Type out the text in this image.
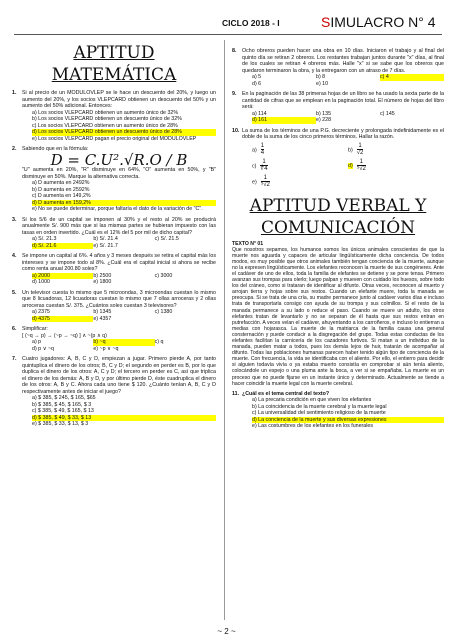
CICLO 2018 - I	SIMULACRO N° 4
APTITUD MATEMÁTICA
1.	Si al precio de un MODULOVLEP se le hace un descuento del 20%, y luego un aumento del 20%, y los socios VLEPCARD obtienen un descuento del 50% y un aumento del 50% adicional. Entonces:
a) Los socios VLEPCARD obtienen un aumento único de 32%
b) Los socios VLEPCARD obtienen un descuento único de 32%
c) Los socios VLEPCARD obtienen un aumento único de 28%
d) Los socios VLEPCARD obtienen un descuento único de 28%
e) Los socios VLEPCARD pagan el precio original del MODULOVLEP
2.	Sabiendo que en la fórmula:
D = C.U².√R.O / B
"U" aumenta en 20%, "R" disminuye en 64%, "O" aumenta en 50%, y "B" disminuye en 50%. Marque la alternativa correcta.
a) D aumenta en 2492%
b) D aumenta en 2592%
c) D aumenta en 149,2%
d) D aumenta en 159,2%
e) No se puede determinar, porque faltaría el dato de la variación de "C".
3.	Si los 5/6 de un capital se imponen al 30% y el resto al 20% se producirá anualmente S/. 900 más que si las mismas partes se hubieran impuesto con las tasas en orden invertido. ¿Cuál es el 12% del 5 por mil de dicho capital?
a) S/. 21.3	b) S/. 21.4	c) S/. 21.5
d) S/. 21.6	e) S/. 21.7
4.	Se impone un capital al 6%. 4 años y 3 meses después se retira el capital más los intereses y se impone todo al 8%. ¿Cuál era el capital inicial si ahora se recibe como renta anual 200.80 soles?
a) 2000	b) 2500	c) 3000
d) 1000	e) 1800
5.	Un televisor cuesta lo mismo que 5 microondas, 3 microondas cuestan lo mismo que 8 licuadoras, 12 licuadoras cuestan lo mismo que 7 ollas arroceras y 2 ollas arroceras cuestan S/. 375. ¿Cuántos soles cuestan 3 televisores?
a) 2375	b) 1345	c) 1380
d) 4375	e) 4357
6.	Simplificar:
[ (~q → p) → (~p → ~q) ] ∧ ~(p ∧ q)
a) p	b) ~q	c) q
d) p ∨ ~q	e) ~p ∨ ~q
7.	Cuatro jugadores: A, B, C y D, empiezan a jugar. Primero pierde A, por tanto quintuplica el dinero de los otros; B, C y D; el segundo en perder es B, por lo que duplica el dinero de los otros: A, C y D; el tercero en perder es C, así que triplica el dinero de los demás: A, B y D, y por último pierde D, éste cuadruplica el dinero de los otros: A, B y C. Ahora cada uno tiene $ 120. ¿Cuánto tenían A, B, C y D respectivamente antes de iniciar el juego?
a) $ 385, $ 245, $ 165, $65
b) $ 385, $ 45, $ 165, $ 3
c) $ 385, $ 49, $ 165, $ 13
d) $ 385, $ 49, $ 33, $ 13
e) $ 385, $ 33, $ 13, $ 3
8.	Ocho obreros pueden hacer una obra en 10 días. Iniciaron el trabajo y al final del quinto día se retiran 2 obreros. Los restantes trabajan juntos durante "x" días, al final de los cuales se retiran 4 obreros más. Halle "x" si se sabe que los obreros que quedaron terminaron la obra, y la entregaron con un atraso de 7 días.
a) 5	b) 8	c) 4
d) 6	e) 10
9.	En la paginación de las 38 primeras hojas de un libro se ha usado la sexta parte de la cantidad de cifras que se emplean en la paginación total. El número de hojas del libro será:
a) 114	b) 135	c) 145
d) 161	e) 228
10. La suma de los términos de una P.G. decreciente y prolongada indefinidamente es el doble de la suma de los cinco primeros términos. Hallar la razón.
$a) \frac{1}{4}$	$b) \frac{1}{√2}$
$c) \frac{1}{∜4}$	$d) \frac{1}{\text{⁵√2}}$
$e) \frac{1}{\text{⁵√2}}$
APTITUD VERBAL Y COMUNICACIÓN
TEXTO N° 01
Que nosotros sepamos, los humanos somos los únicos animales conscientes de que la muerte nos aguarda y capaces de articular lingüísticamente dicha conciencia. De todos modos, es muy posible que otros animales también tengan conciencia de la muerte, aunque no la expresen lingüísticamente. Los elefantes reconocen la muerte de sus congéneres. Ante el cadáver de uno de ellos, toda la familia de elefantes se detiene y se pone tensa. Primero avanzan sus trompas para olerlo; luego palpan y mueven con cuidado los huesos, sobre todo los del cráneo, como si trataran de identificar al difunto. Otras veces, reconocen al muerto y arrojan tierra y hojas sobre sus restos. Cuando un elefante muere, toda la manada se preocupa. Si se trata de una cría, su madre permanece junto al cadáver varios días e incluso trata de transportarla consigo con ayuda de su trompa y sus colmillos. Si el resto de la manada permanece a su lado o reduce el paso. Cuando se muere un adulto, los otros elefantes tratan de levantarlo y no se separan de él hasta que sus restos entran en putrefacción. A veces velan el cadáver, ahuyentando a los carroñeros, e incluso lo entierran a medias con hojarasca. La muerte de la matriarca de la familia causa una general consternación y puede conducir a la disgregación del grupo. Todas estas conductas de los elefantes facilitan la carnicería de los cazadores furtivos. Si matan a un individuo de la manada, pueden matar a todos, pues los demás lejos de huir, tratarán de acompañar al difunto. Todas las poblaciones humanas parecen haber tenido algún tipo de conciencia de la muerte. Con frecuencia, la vida se identificaba con el aliento. Por ello, el entierro para decidir si alguien todavía vivía o ya estaba muerto consistía en comprobar si aún tenía aliento, colocándole un espejo o una pluma ante la boca, a ver si se empañaba. La muerte es un proceso que no puede fijarse en un instante único y determinado. Actualmente se tiende a hacer coincidir la muerte legal con la muerte cerebral.
11. ¿Cuál es el tema central del texto?
a) La precaria condición en que viven los elefantes
b) La coincidencia de la muerte cerebral y la muerte legal
c) La universalidad del sentimiento religioso de la muerte
d) La conciencia de la muerte y sus diversas expresiones
e) Las costumbres de los elefantes en los funerales
~ 2 ~
